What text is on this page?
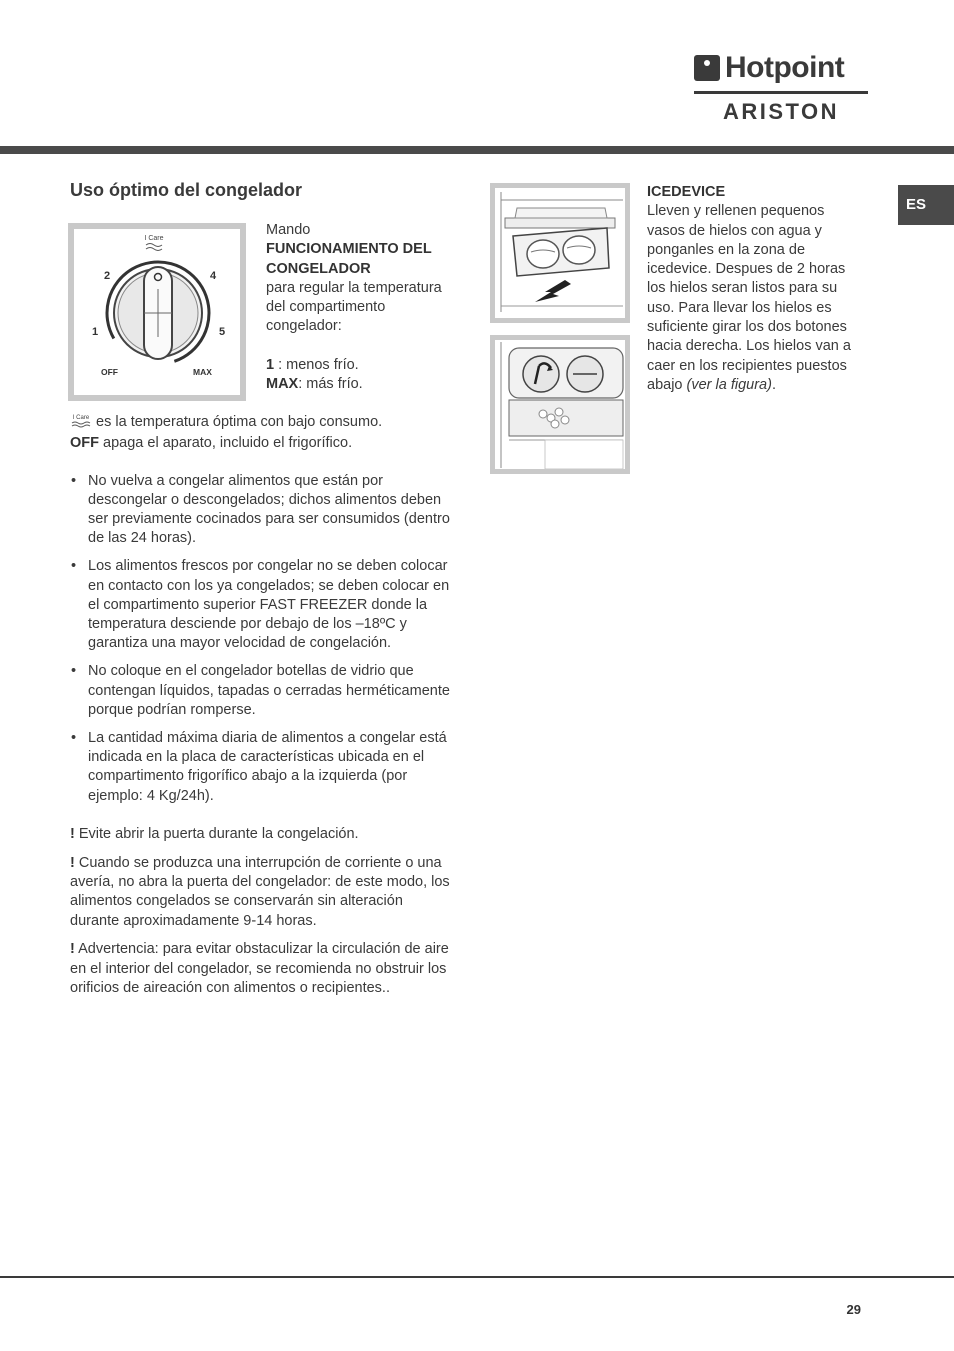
Hotpoint
ARISTON
ES
Uso óptimo del congelador
I Care
2	4
1	5
OFF	MAX

Mando

FUNCIONAMIENTO DEL CONGELADOR

para regular la temperatura del compartimento congelador:

1 : menos frío.

MAX: más frío.

I Care es la temperatura óptima con bajo consumo.

OFF apaga el aparato, incluido el frigorífico.

• No vuelva a congelar alimentos que están por descongelar o descongelados; dichos alimentos deben ser previamente cocinados para ser consumidos (dentro de las 24 horas).
• Los alimentos frescos por congelar no se deben colocar en contacto con los ya congelados; se deben colocar en el compartimento superior FAST FREEZER donde la temperatura desciende por debajo de los –18ºC y garantiza una mayor velocidad de congelación.
• No coloque en el congelador botellas de vidrio que contengan líquidos, tapadas o cerradas herméticamente porque podrían romperse.
• La cantidad máxima diaria de alimentos a congelar está indicada en la placa de características ubicada en el compartimento frigorífico abajo a la izquierda (por ejemplo: 4 Kg/24h).

! Evite abrir la puerta durante la congelación.

! Cuando se produzca una interrupción de corriente o una avería, no abra la puerta del congelador: de este modo, los alimentos congelados se conservarán sin alteración durante aproximadamente 9-14 horas.

! Advertencia: para evitar obstaculizar la circulación de aire en el interior del congelador, se recomienda no obstruir los orificios de aireación con alimentos o recipientes..

ICEDEVICE

Lleven y rellenen pequenos vasos de hielos con agua y ponganles en la zona de icedevice. Despues de 2 horas los hielos seran listos para su uso. Para llevar los hielos es suficiente girar los dos botones hacia derecha. Los hielos van a caer en los recipientes puestos abajo (ver la figura).

29
